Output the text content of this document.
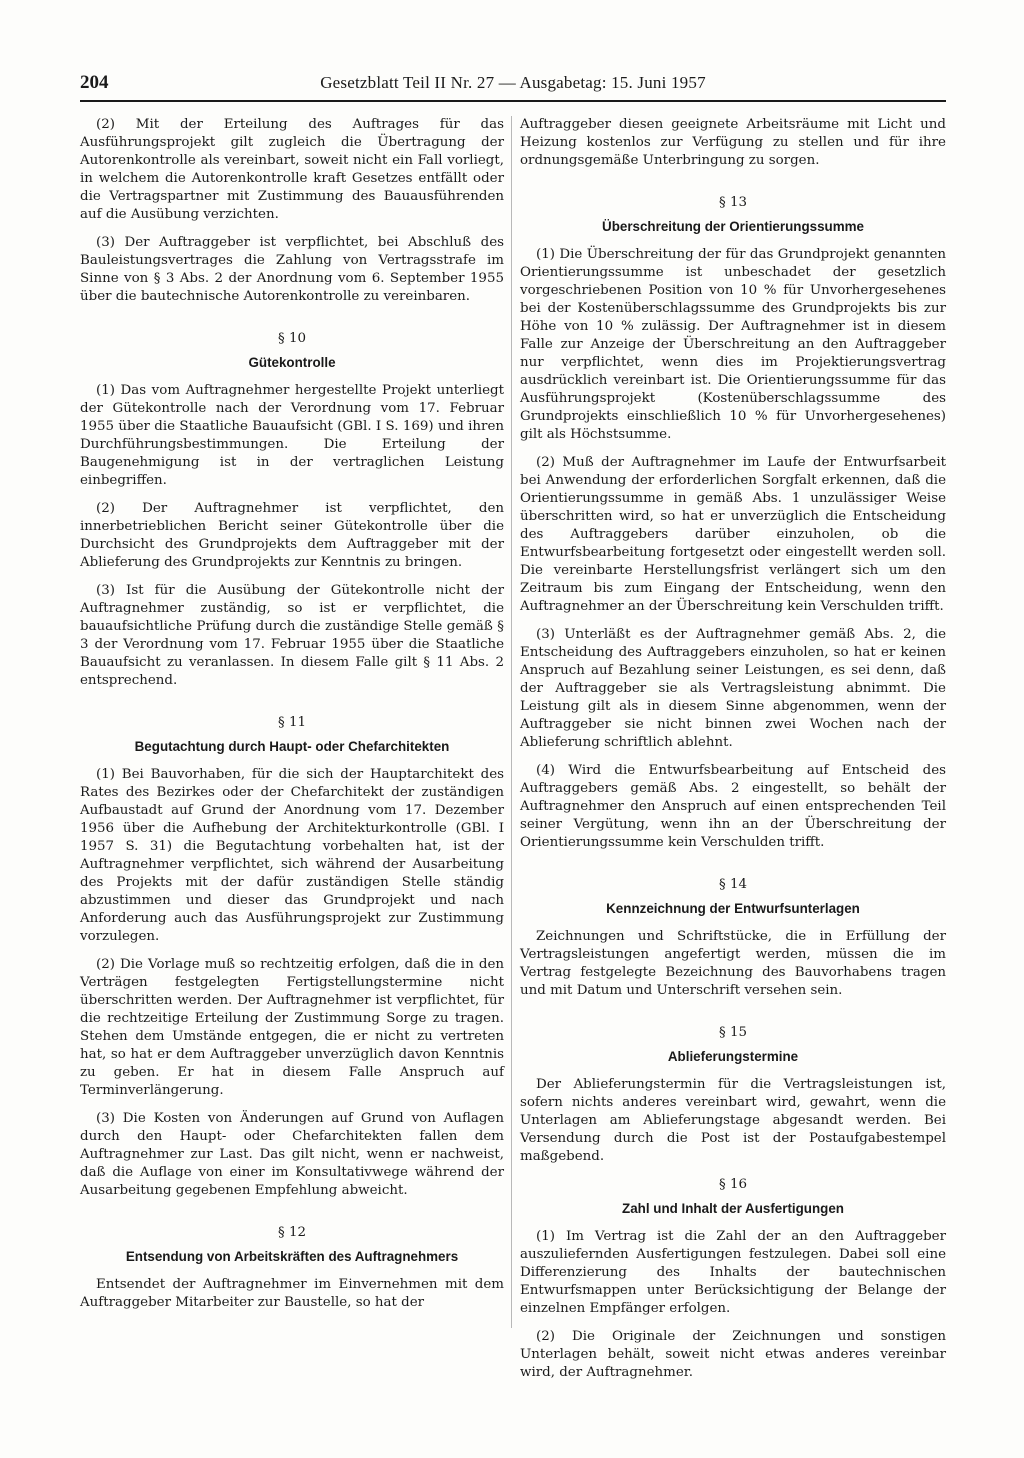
204	Gesetzblatt Teil II Nr. 27 — Ausgabetag: 15. Juni 1957

(2) Mit der Erteilung des Auftrages für das Ausführungsprojekt gilt zugleich die Übertragung der Autorenkontrolle als vereinbart, soweit nicht ein Fall vorliegt, in welchem die Autorenkontrolle kraft Gesetzes entfällt oder die Vertragspartner mit Zustimmung des Bauausführenden auf die Ausübung verzichten.

(3) Der Auftraggeber ist verpflichtet, bei Abschluß des Bauleistungsvertrages die Zahlung von Vertragsstrafe im Sinne von § 3 Abs. 2 der Anordnung vom 6. September 1955 über die bautechnische Autorenkontrolle zu vereinbaren.

§ 10
Gütekontrolle

(1) Das vom Auftragnehmer hergestellte Projekt unterliegt der Gütekontrolle nach der Verordnung vom 17. Februar 1955 über die Staatliche Bauaufsicht (GBl. I S. 169) und ihren Durchführungsbestimmungen. Die Erteilung der Baugenehmigung ist in der vertraglichen Leistung einbegriffen.

(2) Der Auftragnehmer ist verpflichtet, den innerbetrieblichen Bericht seiner Gütekontrolle über die Durchsicht des Grundprojekts dem Auftraggeber mit der Ablieferung des Grundprojekts zur Kenntnis zu bringen.

(3) Ist für die Ausübung der Gütekontrolle nicht der Auftragnehmer zuständig, so ist er verpflichtet, die bauaufsichtliche Prüfung durch die zuständige Stelle gemäß § 3 der Verordnung vom 17. Februar 1955 über die Staatliche Bauaufsicht zu veranlassen. In diesem Falle gilt § 11 Abs. 2 entsprechend.

§ 11
Begutachtung durch Haupt- oder Chefarchitekten

(1) Bei Bauvorhaben, für die sich der Hauptarchitekt des Rates des Bezirkes oder der Chefarchitekt der zuständigen Aufbaustadt auf Grund der Anordnung vom 17. Dezember 1956 über die Aufhebung der Architekturkontrolle (GBl. I 1957 S. 31) die Begutachtung vorbehalten hat, ist der Auftragnehmer verpflichtet, sich während der Ausarbeitung des Projekts mit der dafür zuständigen Stelle ständig abzustimmen und dieser das Grundprojekt und nach Anforderung auch das Ausführungsprojekt zur Zustimmung vorzulegen.

(2) Die Vorlage muß so rechtzeitig erfolgen, daß die in den Verträgen festgelegten Fertigstellungstermine nicht überschritten werden. Der Auftragnehmer ist verpflichtet, für die rechtzeitige Erteilung der Zustimmung Sorge zu tragen. Stehen dem Umstände entgegen, die er nicht zu vertreten hat, so hat er dem Auftraggeber unverzüglich davon Kenntnis zu geben. Er hat in diesem Falle Anspruch auf Terminverlängerung.

(3) Die Kosten von Änderungen auf Grund von Auflagen durch den Haupt- oder Chefarchitekten fallen dem Auftragnehmer zur Last. Das gilt nicht, wenn er nachweist, daß die Auflage von einer im Konsultativwege während der Ausarbeitung gegebenen Empfehlung abweicht.

§ 12
Entsendung von Arbeitskräften des Auftragnehmers

Entsendet der Auftragnehmer im Einvernehmen mit dem Auftraggeber Mitarbeiter zur Baustelle, so hat der

Auftraggeber diesen geeignete Arbeitsräume mit Licht und Heizung kostenlos zur Verfügung zu stellen und für ihre ordnungsgemäße Unterbringung zu sorgen.

§ 13
Überschreitung der Orientierungssumme

(1) Die Überschreitung der für das Grundprojekt genannten Orientierungssumme ist unbeschadet der gesetzlich vorgeschriebenen Position von 10 % für Unvorhergesehenes bei der Kostenüberschlagssumme des Grundprojekts bis zur Höhe von 10 % zulässig. Der Auftragnehmer ist in diesem Falle zur Anzeige der Überschreitung an den Auftraggeber nur verpflichtet, wenn dies im Projektierungsvertrag ausdrücklich vereinbart ist. Die Orientierungssumme für das Ausführungsprojekt (Kostenüberschlagssumme des Grundprojekts einschließlich 10 % für Unvorhergesehenes) gilt als Höchstsumme.

(2) Muß der Auftragnehmer im Laufe der Entwurfsarbeit bei Anwendung der erforderlichen Sorgfalt erkennen, daß die Orientierungssumme in gemäß Abs. 1 unzulässiger Weise überschritten wird, so hat er unverzüglich die Entscheidung des Auftraggebers darüber einzuholen, ob die Entwurfsbearbeitung fortgesetzt oder eingestellt werden soll. Die vereinbarte Herstellungsfrist verlängert sich um den Zeitraum bis zum Eingang der Entscheidung, wenn den Auftragnehmer an der Überschreitung kein Verschulden trifft.

(3) Unterläßt es der Auftragnehmer gemäß Abs. 2, die Entscheidung des Auftraggebers einzuholen, so hat er keinen Anspruch auf Bezahlung seiner Leistungen, es sei denn, daß der Auftraggeber sie als Vertragsleistung abnimmt. Die Leistung gilt als in diesem Sinne abgenommen, wenn der Auftraggeber sie nicht binnen zwei Wochen nach der Ablieferung schriftlich ablehnt.

(4) Wird die Entwurfsbearbeitung auf Entscheid des Auftraggebers gemäß Abs. 2 eingestellt, so behält der Auftragnehmer den Anspruch auf einen entsprechenden Teil seiner Vergütung, wenn ihn an der Überschreitung der Orientierungssumme kein Verschulden trifft.

§ 14
Kennzeichnung der Entwurfsunterlagen

Zeichnungen und Schriftstücke, die in Erfüllung der Vertragsleistungen angefertigt werden, müssen die im Vertrag festgelegte Bezeichnung des Bauvorhabens tragen und mit Datum und Unterschrift versehen sein.

§ 15
Ablieferungstermine

Der Ablieferungstermin für die Vertragsleistungen ist, sofern nichts anderes vereinbart wird, gewahrt, wenn die Unterlagen am Ablieferungstage abgesandt werden. Bei Versendung durch die Post ist der Postaufgabestempel maßgebend.

§ 16
Zahl und Inhalt der Ausfertigungen

(1) Im Vertrag ist die Zahl der an den Auftraggeber auszuliefernden Ausfertigungen festzulegen. Dabei soll eine Differenzierung des Inhalts der bautechnischen Entwurfsmappen unter Berücksichtigung der Belange der einzelnen Empfänger erfolgen.

(2) Die Originale der Zeichnungen und sonstigen Unterlagen behält, soweit nicht etwas anderes vereinbar wird, der Auftragnehmer.
